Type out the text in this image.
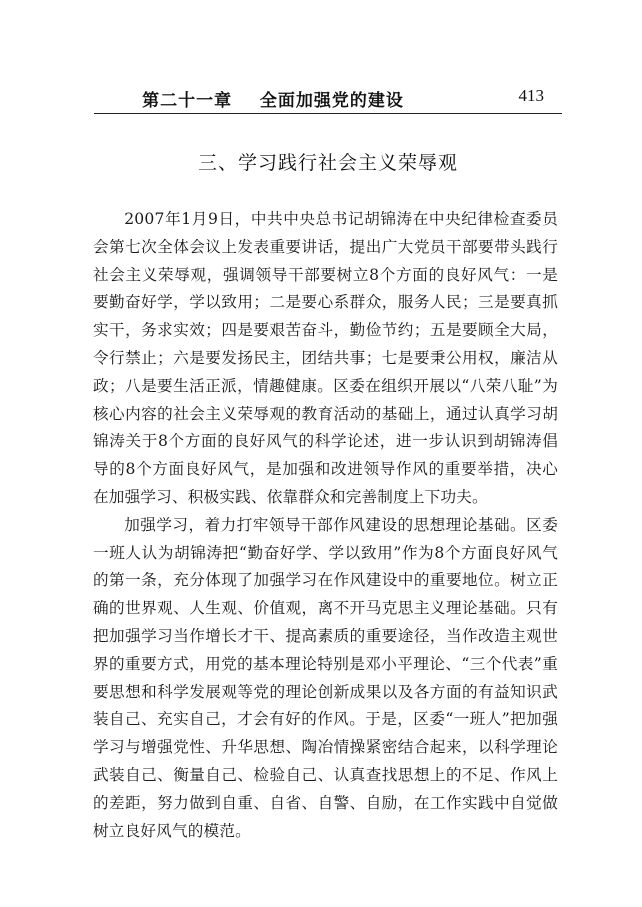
第二十一章    全面加强党的建设	413
三、学习践行社会主义荣辱观

2007年1月9日，中共中央总书记胡锦涛在中央纪律检查委员会第七次全体会议上发表重要讲话，提出广大党员干部要带头践行社会主义荣辱观，强调领导干部要树立8个方面的良好风气：一是要勤奋好学，学以致用；二是要心系群众，服务人民；三是要真抓实干，务求实效；四是要艰苦奋斗，勤俭节约；五是要顾全大局，令行禁止；六是要发扬民主，团结共事；七是要秉公用权，廉洁从政；八是要生活正派，情趣健康。区委在组织开展以“八荣八耻”为核心内容的社会主义荣辱观的教育活动的基础上，通过认真学习胡锦涛关于8个方面的良好风气的科学论述，进一步认识到胡锦涛倡导的8个方面良好风气，是加强和改进领导作风的重要举措，决心在加强学习、积极实践、依靠群众和完善制度上下功夫。

加强学习，着力打牢领导干部作风建设的思想理论基础。区委一班人认为胡锦涛把“勤奋好学、学以致用”作为8个方面良好风气的第一条，充分体现了加强学习在作风建设中的重要地位。树立正确的世界观、人生观、价值观，离不开马克思主义理论基础。只有把加强学习当作增长才干、提高素质的重要途径，当作改造主观世界的重要方式，用党的基本理论特别是邓小平理论、“三个代表”重要思想和科学发展观等党的理论创新成果以及各方面的有益知识武装自己、充实自己，才会有好的作风。于是，区委“一班人”把加强学习与增强党性、升华思想、陶冶情操紧密结合起来，以科学理论武装自己、衡量自己、检验自己、认真查找思想上的不足、作风上的差距，努力做到自重、自省、自警、自励，在工作实践中自觉做树立良好风气的模范。
